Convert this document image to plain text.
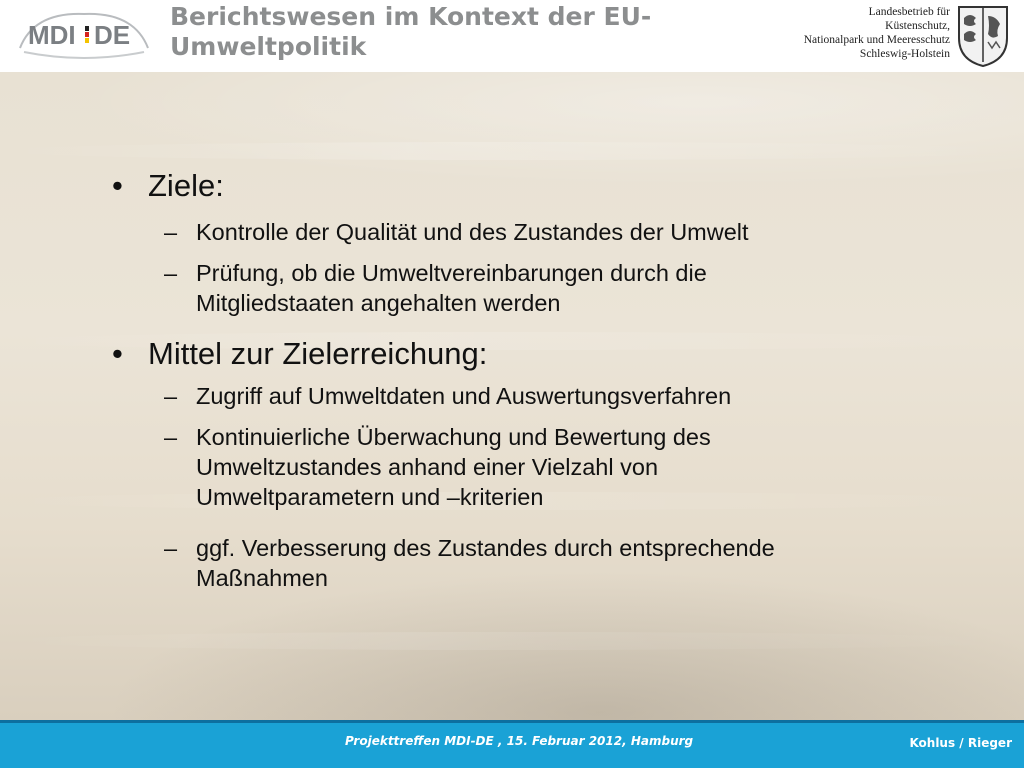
MDI DE
Berichtswesen im Kontext der EU-Umweltpolitik
Landesbetrieb für
Küstenschutz,
Nationalpark und Meeresschutz
Schleswig-Holstein
• Ziele:
– Kontrolle der Qualität und des Zustandes der Umwelt
– Prüfung, ob die Umweltvereinbarungen durch die Mitgliedstaaten angehalten werden
• Mittel zur Zielerreichung:
– Zugriff auf Umweltdaten und Auswertungsverfahren
– Kontinuierliche Überwachung und Bewertung des Umweltzustandes anhand einer Vielzahl von Umweltparametern und –kriterien
– ggf. Verbesserung des Zustandes durch entsprechende Maßnahmen
Projekttreffen MDI-DE , 15. Februar 2012, Hamburg	Kohlus / Rieger
